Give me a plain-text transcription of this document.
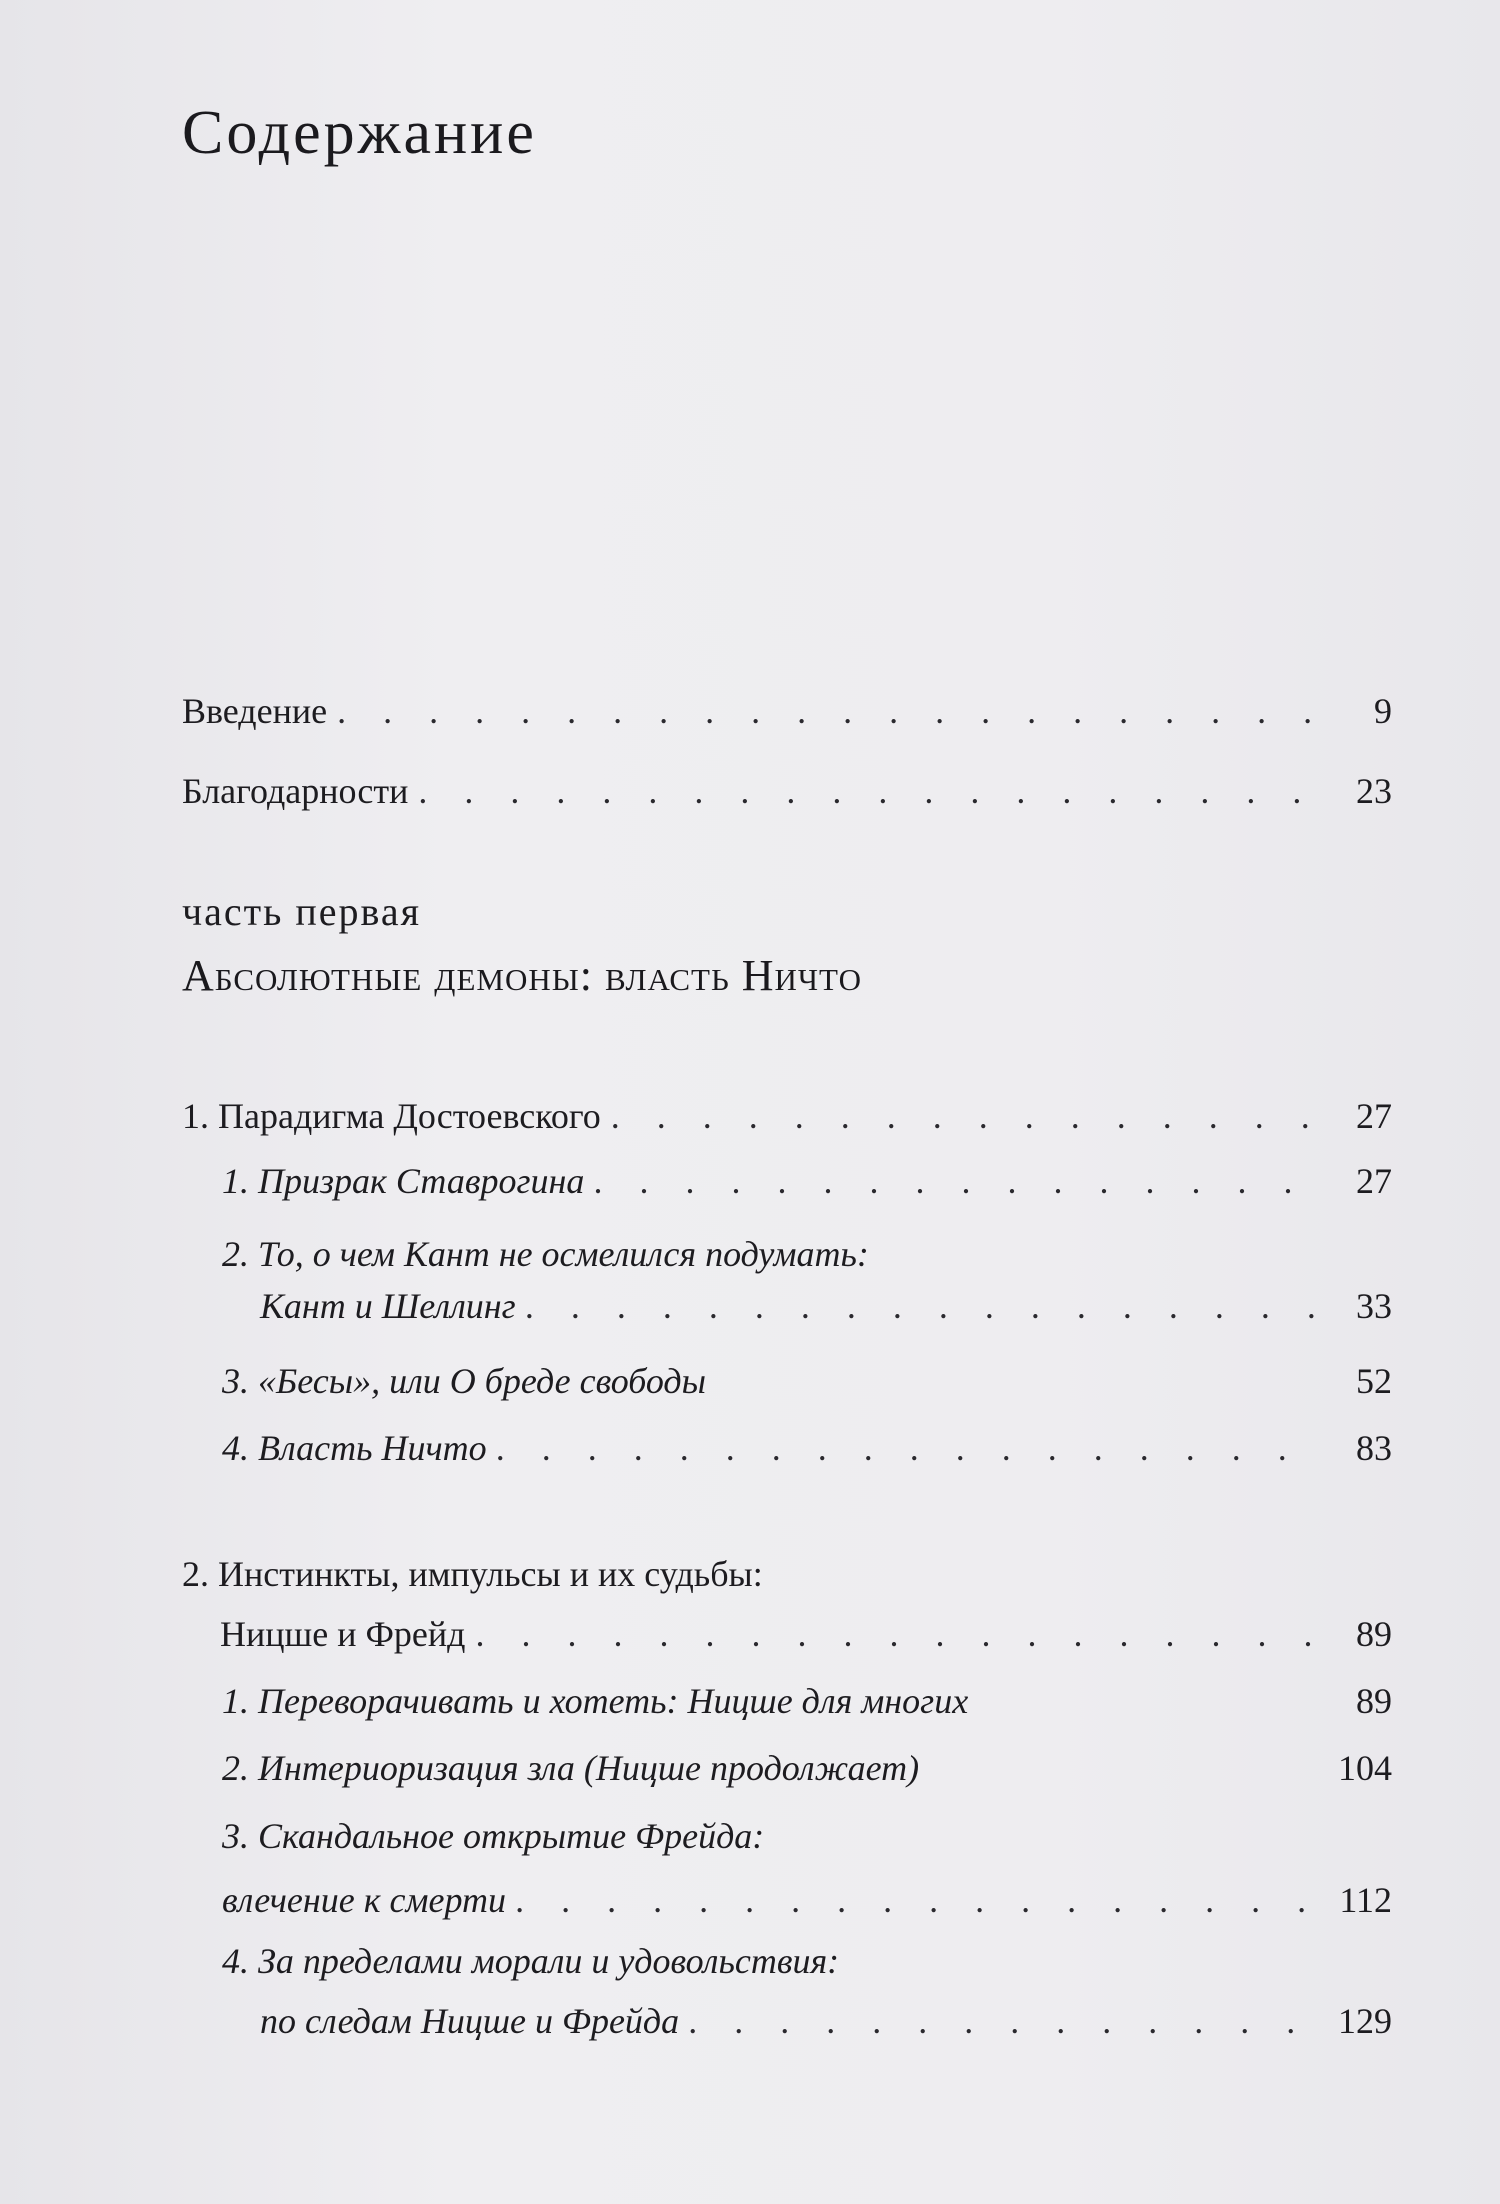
Содержание
Введение . . .	9
Благодарности . . .	23
часть первая
Абсолютные демоны: власть Ничто
1. Парадигма Достоевского . . .	27
1. Призрак Ставрогина . . .	27
2. То, о чем Кант не осмелился подумать:
Кант и Шеллинг . . .	33
3. «Бесы», или О бреде свободы	52
4. Власть Ничто . . .	83
2. Инстинкты, импульсы и их судьбы:
Ницше и Фрейд . . .	89
1. Переворачивать и хотеть: Ницше для многих	89
2. Интериоризация зла (Ницше продолжает)	104
3. Скандальное открытие Фрейда:
влечение к смерти . . .	112
4. За пределами морали и удовольствия:
по следам Ницше и Фрейда . . .	129
